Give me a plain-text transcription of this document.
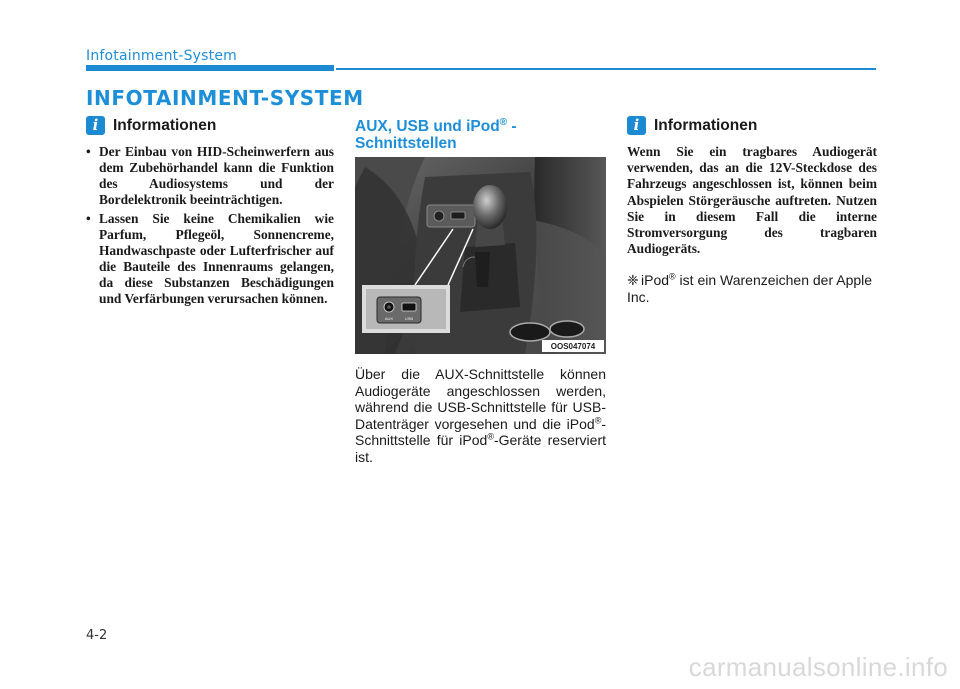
Infotainment-System
INFOTAINMENT-SYSTEM
i Informationen
• Der Einbau von HID-Scheinwerfern aus dem Zubehörhandel kann die Funktion des Audiosystems und der Bordelektronik beeinträchtigen.
• Lassen Sie keine Chemikalien wie Parfum, Pflegeöl, Sonnencreme, Handwaschpaste oder Lufterfrischer auf die Bauteile des Innenraums gelangen, da diese Substanzen Beschädigungen und Verfärbungen verursachen können.
AUX, USB und iPod® - Schnittstellen
AUX	USB
OOS047074
Über die AUX-Schnittstelle können Audiogeräte angeschlossen werden, während die USB-Schnittstelle für USB-Datenträger vorgesehen und die iPod®-Schnittstelle für iPod®-Geräte reserviert ist.
i Informationen
Wenn Sie ein tragbares Audiogerät verwenden, das an die 12V-Steckdose des Fahrzeugs angeschlossen ist, können beim Abspielen Störgeräusche auftreten. Nutzen Sie in diesem Fall die interne Stromversorgung des tragbaren Audiogeräts.
❈ iPod® ist ein Warenzeichen der Apple Inc.
4-2
carmanualsonline.info
